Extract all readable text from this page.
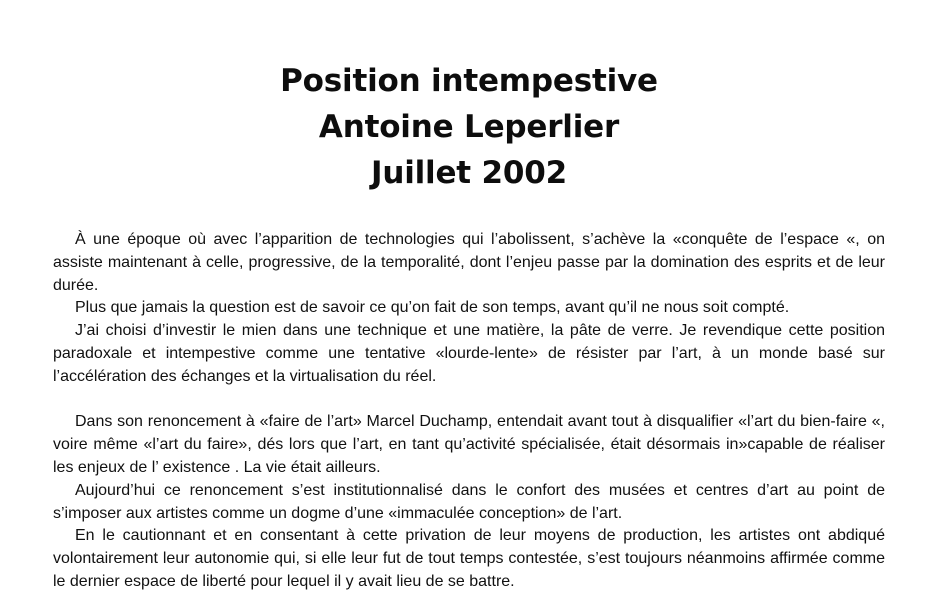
Position intempestive
Antoine Leperlier
Juillet 2002

À une époque où avec l’apparition de technologies qui l’abolissent, s’achève la «conquête de l’espace «, on assiste maintenant à celle, progressive, de la temporalité, dont l’enjeu passe par la domination des esprits et de leur durée.

Plus que jamais la question est de savoir ce qu’on fait de son temps, avant qu’il ne nous soit compté.

J’ai choisi d’investir le mien dans une technique et une matière, la pâte de verre. Je revendique cette position paradoxale et intempestive comme une tentative «lourde-lente» de résister par l’art, à un monde basé sur l’accélération des échanges et la virtualisation du réel.

Dans son renoncement à «faire de l’art» Marcel Duchamp, entendait avant tout à disqualifier «l’art du bien-faire «, voire même «l’art du faire», dés lors que l’art, en tant qu’activité spécialisée, était désormais in»capable de réaliser les enjeux de l’ existence . La vie était ailleurs.

Aujourd’hui ce renoncement s’est institutionnalisé dans le confort des musées et centres d’art au point de s’imposer aux artistes comme un dogme d’une «immaculée conception» de l’art.

En le cautionnant et en consentant à cette privation de leur moyens de production, les artistes ont abdiqué volontairement leur autonomie qui, si elle leur fut de tout temps contestée, s’est toujours néanmoins affirmée comme le dernier espace de liberté pour lequel il y avait lieu de se battre.
